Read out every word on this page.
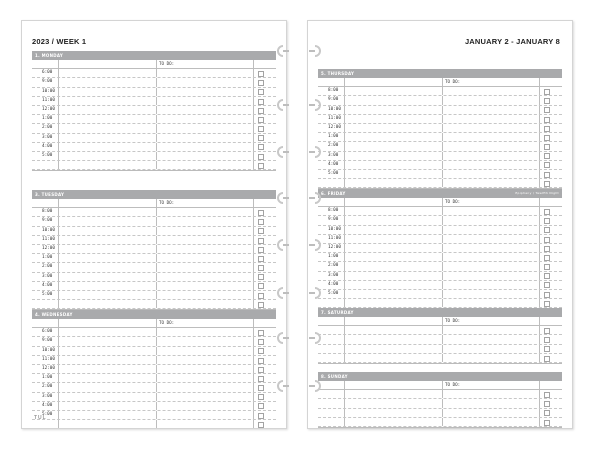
2023 / WEEK 1
1. MONDAY
TO DO:
6:00
9:00
10:00
11:00
12:00
1:00
2:00
3:00
4:00
5:00
3. TUESDAY
TO DO:
8:00
9:00
10:00
11:00
12:00
1:00
2:00
3:00
4:00
5:00
4. WEDNESDAY
TO DO:
6:00
9:00
10:00
11:00
12:00
1:00
2:00
3:00
4:00
5:00
TUL
JANUARY 2 - JANUARY 8
5. THURSDAY
TO DO:
8:00
9:00
10:00
11:00
12:00
1:00
2:00
3:00
4:00
5:00
6. FRIDAY	Epiphany / Twelfth Night
TO DO:
8:00
9:00
10:00
11:00
12:00
1:00
2:00
3:00
4:00
5:00
7. SATURDAY
TO DO:
8. SUNDAY
TO DO:
